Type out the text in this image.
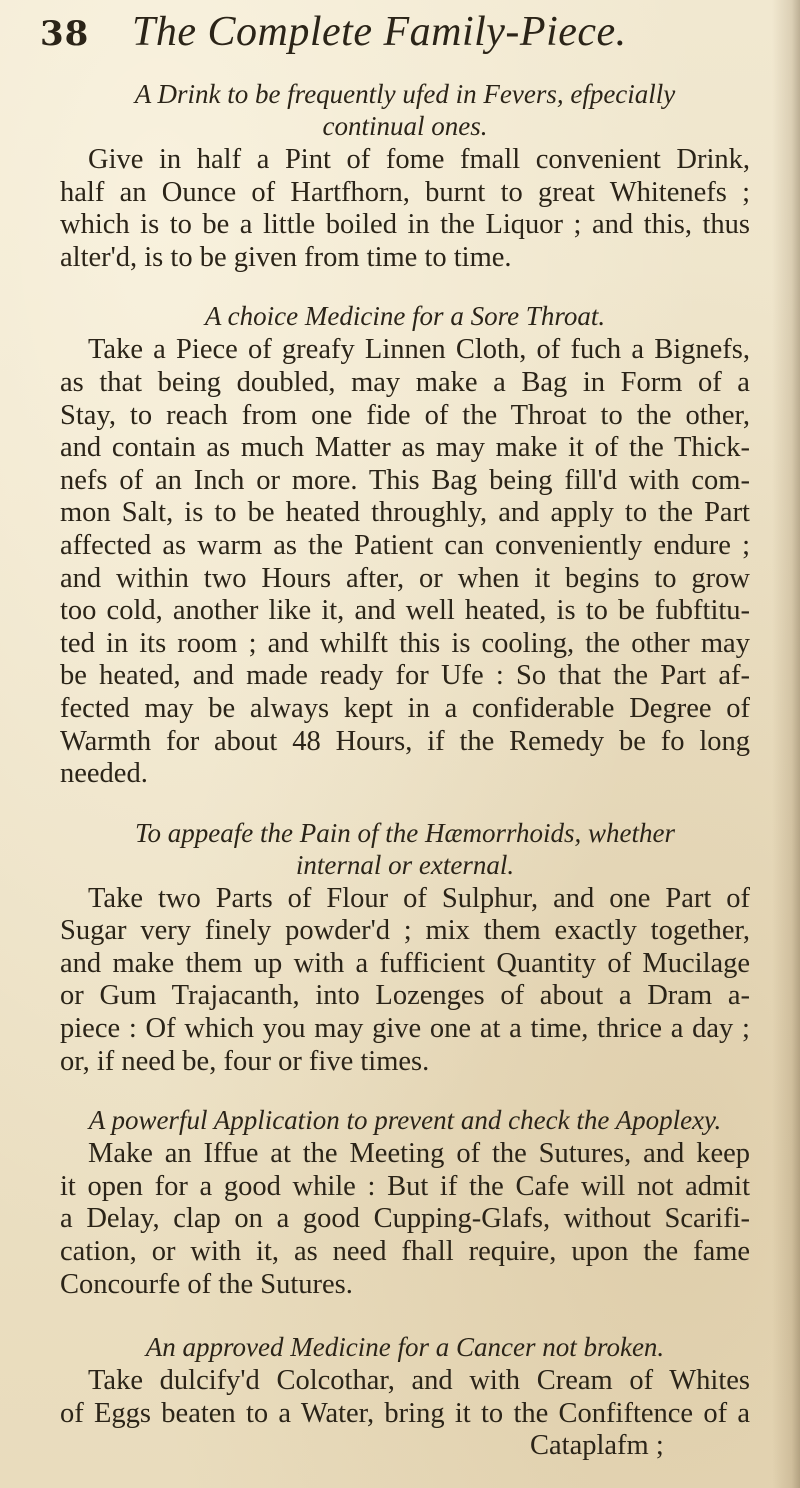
38 The Complete Family-Piece.
A Drink to be frequently ufed in Fevers, efpecially
continual ones.
Give in half a Pint of fome fmall convenient Drink,
half an Ounce of Hartfhorn, burnt to great Whitenefs ;
which is to be a little boiled in the Liquor ; and this, thus
alter'd, is to be given from time to time.
A choice Medicine for a Sore Throat.
Take a Piece of greafy Linnen Cloth, of fuch a Bignefs,
as that being doubled, may make a Bag in Form of a
Stay, to reach from one fide of the Throat to the other,
and contain as much Matter as may make it of the Thick-
nefs of an Inch or more. This Bag being fill'd with com-
mon Salt, is to be heated throughly, and apply to the Part
affected as warm as the Patient can conveniently endure ;
and within two Hours after, or when it begins to grow
too cold, another like it, and well heated, is to be fubftitu-
ted in its room ; and whilft this is cooling, the other may
be heated, and made ready for Ufe : So that the Part af-
fected may be always kept in a confiderable Degree of
Warmth for about 48 Hours, if the Remedy be fo long
needed.
To appeafe the Pain of the Hæmorrhoids, whether
internal or external.
Take two Parts of Flour of Sulphur, and one Part of
Sugar very finely powder'd ; mix them exactly together,
and make them up with a fufficient Quantity of Mucilage
or Gum Trajacanth, into Lozenges of about a Dram a-
piece : Of which you may give one at a time, thrice a day ;
or, if need be, four or five times.
A powerful Application to prevent and check the Apoplexy.
Make an Iffue at the Meeting of the Sutures, and keep
it open for a good while : But if the Cafe will not admit
a Delay, clap on a good Cupping-Glafs, without Scarifi-
cation, or with it, as need fhall require, upon the fame
Concourfe of the Sutures.
An approved Medicine for a Cancer not broken.
Take dulcify'd Colcothar, and with Cream of Whites
of Eggs beaten to a Water, bring it to the Confiftence of a
Cataplafm ;
